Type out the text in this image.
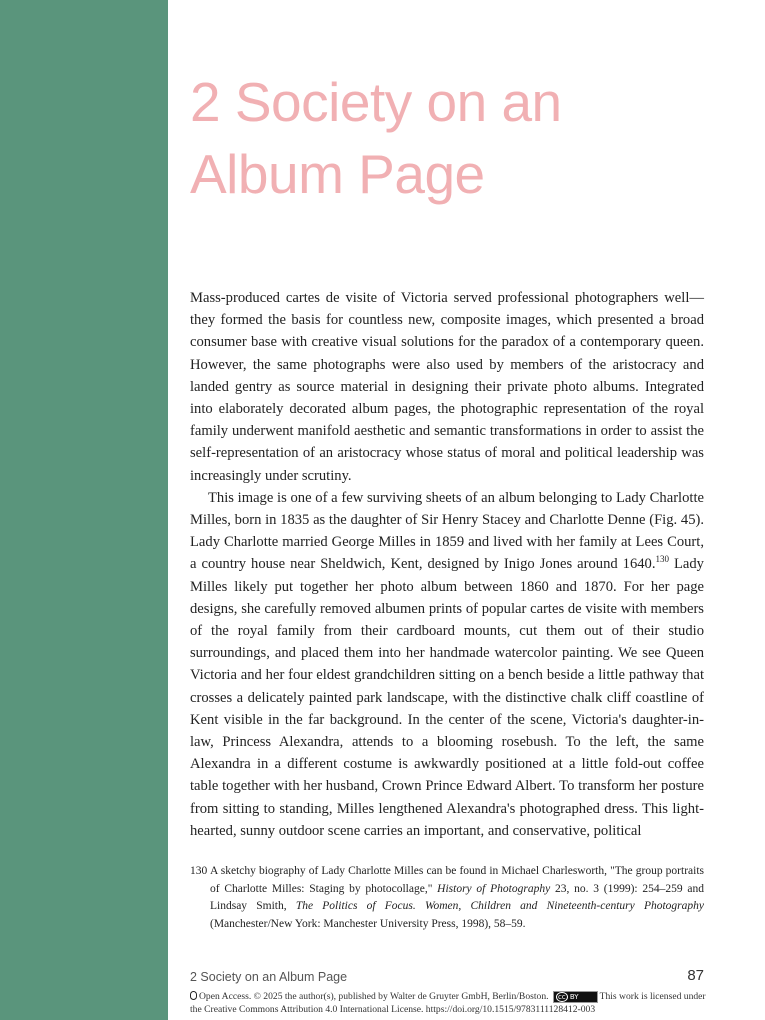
2 Society on an
Album Page

Mass-produced cartes de visite of Victoria served professional photographers well—they formed the basis for countless new, composite images, which presented a broad consumer base with creative visual solutions for the paradox of a contemporary queen. However, the same photographs were also used by members of the aristocracy and landed gentry as source material in designing their private photo albums. Integrated into elaborately decorated album pages, the photographic representation of the royal family underwent manifold aesthetic and semantic transformations in order to assist the self-representation of an aristocracy whose status of moral and political leadership was increasingly under scrutiny.

This image is one of a few surviving sheets of an album belonging to Lady Charlotte Milles, born in 1835 as the daughter of Sir Henry Stacey and Charlotte Denne (Fig. 45). Lady Charlotte married George Milles in 1859 and lived with her family at Lees Court, a country house near Sheldwich, Kent, designed by Inigo Jones around 1640.$^{130}$ Lady Milles likely put together her photo album between 1860 and 1870. For her page designs, she carefully removed albumen prints of popular cartes de visite with members of the royal family from their cardboard mounts, cut them out of their studio surroundings, and placed them into her handmade watercolor painting. We see Queen Victoria and her four eldest grandchildren sitting on a bench beside a little pathway that crosses a delicately painted park landscape, with the distinctive chalk cliff coastline of Kent visible in the far background. In the center of the scene, Victoria's daughter-in-law, Princess Alexandra, attends to a blooming rosebush. To the left, the same Alexandra in a different costume is awkwardly positioned at a little fold-out coffee table together with her husband, Crown Prince Edward Albert. To transform her posture from sitting to standing, Milles lengthened Alexandra's photographed dress. This light-hearted, sunny outdoor scene carries an important, and conservative, political

130 A sketchy biography of Lady Charlotte Milles can be found in Michael Charlesworth, "The group portraits of Charlotte Milles: Staging by photocollage," History of Photography 23, no. 3 (1999): 254–259 and Lindsay Smith, The Politics of Focus. Women, Children and Nineteenth-century Photography (Manchester/New York: Manchester University Press, 1998), 58–59.
2 Society on an Album Page	87
Open Access. © 2025 the author(s), published by Walter de Gruyter GmbH, Berlin/Boston. cc BY This work is licensed under the Creative Commons Attribution 4.0 International License. https://doi.org/10.1515/9783111128412-003
